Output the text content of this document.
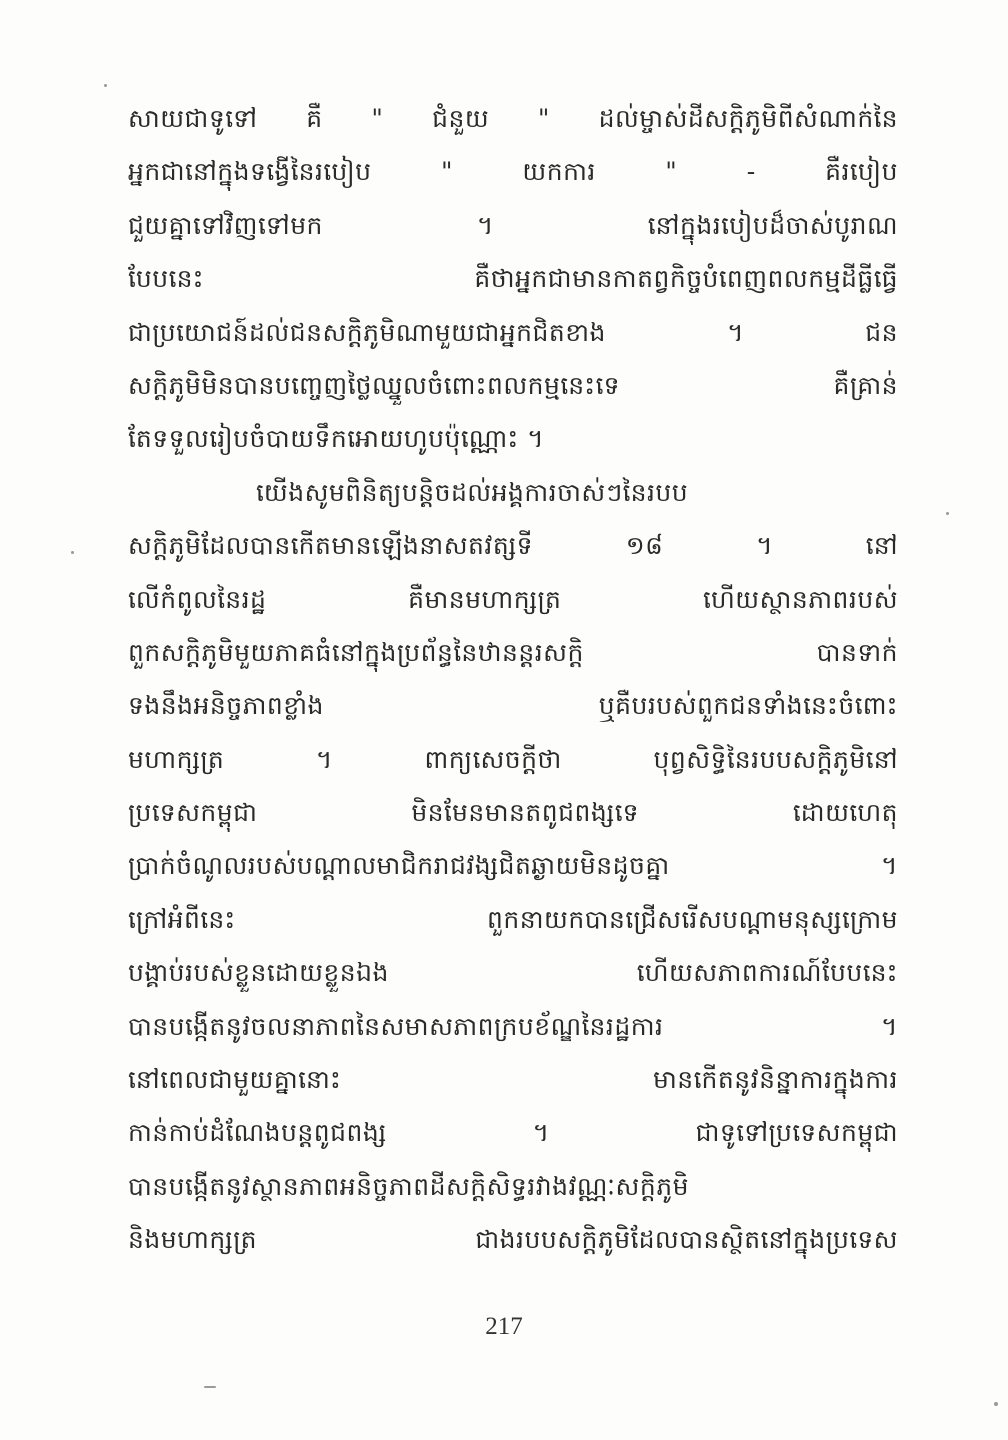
សាយជាទូទៅ គឺ " ជំនួយ " ដល់ម្ចាស់ដីសក្តិភូមិពីសំណាក់នៃ
អ្នកជានៅក្នុងទង្វើនៃរបៀប " យកការ " - គឺរបៀប
ជួយគ្នាទៅវិញទៅមក ។ នៅក្នុងរបៀបដ៏ចាស់បូរាណ
បែបនេះ គឺថាអ្នកជាមានកាតព្វកិច្ចបំពេញពលកម្មដីធ្លីធ្វើ
ជាប្រយោជន៍ដល់ជនសក្តិភូមិណាមួយជាអ្នកជិតខាង ។ ជន
សក្តិភូមិមិនបានបញ្ចេញថ្លៃឈ្នួលចំពោះពលកម្មនេះទេ គឺគ្រាន់
តែទទួលរៀបចំបាយទឹកអោយហូបប៉ុណ្ណោះ ។
យើងសូមពិនិត្យបន្តិចដល់អង្គការចាស់ៗនៃរបប
សក្តិភូមិដែលបានកើតមានឡើងនាសតវត្សទី ១៨ ។ នៅ
លើកំពូលនៃរដ្ឋ គឺមានមហាក្សត្រ ហើយស្ថានភាពរបស់
ពួកសក្តិភូមិមួយភាគធំនៅក្នុងប្រព័ន្ធនៃឋានន្តរសក្តិ បានទាក់
ទងនឹងអនិច្ចភាពខ្លាំង ឬគឺបរបស់ពួកជនទាំងនេះចំពោះ
មហាក្សត្រ ។ ពាក្យសេចក្តីថា បុព្វសិទ្ធិនៃរបបសក្តិភូមិនៅ
ប្រទេសកម្ពុជា មិនមែនមានតពូជពង្សទេ ដោយហេតុ
ប្រាក់ចំណូលរបស់បណ្តាលមាជិករាជវង្សជិតឆ្ងាយមិនដូចគ្នា ។
ក្រៅអំពីនេះ ពួកនាយកបានជ្រើសរើសបណ្តាមនុស្សក្រោម
បង្គាប់របស់ខ្លួនដោយខ្លួនឯង ហើយសភាពការណ៍បែបនេះ
បានបង្កើតនូវចលនាភាពនៃសមាសភាពក្របខ័ណ្ឌនៃរដ្ឋការ ។
នៅពេលជាមួយគ្នានោះ មានកើតនូវនិន្នាការក្នុងការ
កាន់កាប់ដំណែងបន្តពូជពង្ស ។ ជាទូទៅប្រទេសកម្ពុជា
បានបង្កើតនូវស្ថានភាពអនិច្ចភាពដីសក្តិសិទ្ធរវាងវណ្ណៈសក្តិភូមិ
និងមហាក្សត្រ ជាងរបបសក្តិភូមិដែលបានស្ថិតនៅក្នុងប្រទេស
217
